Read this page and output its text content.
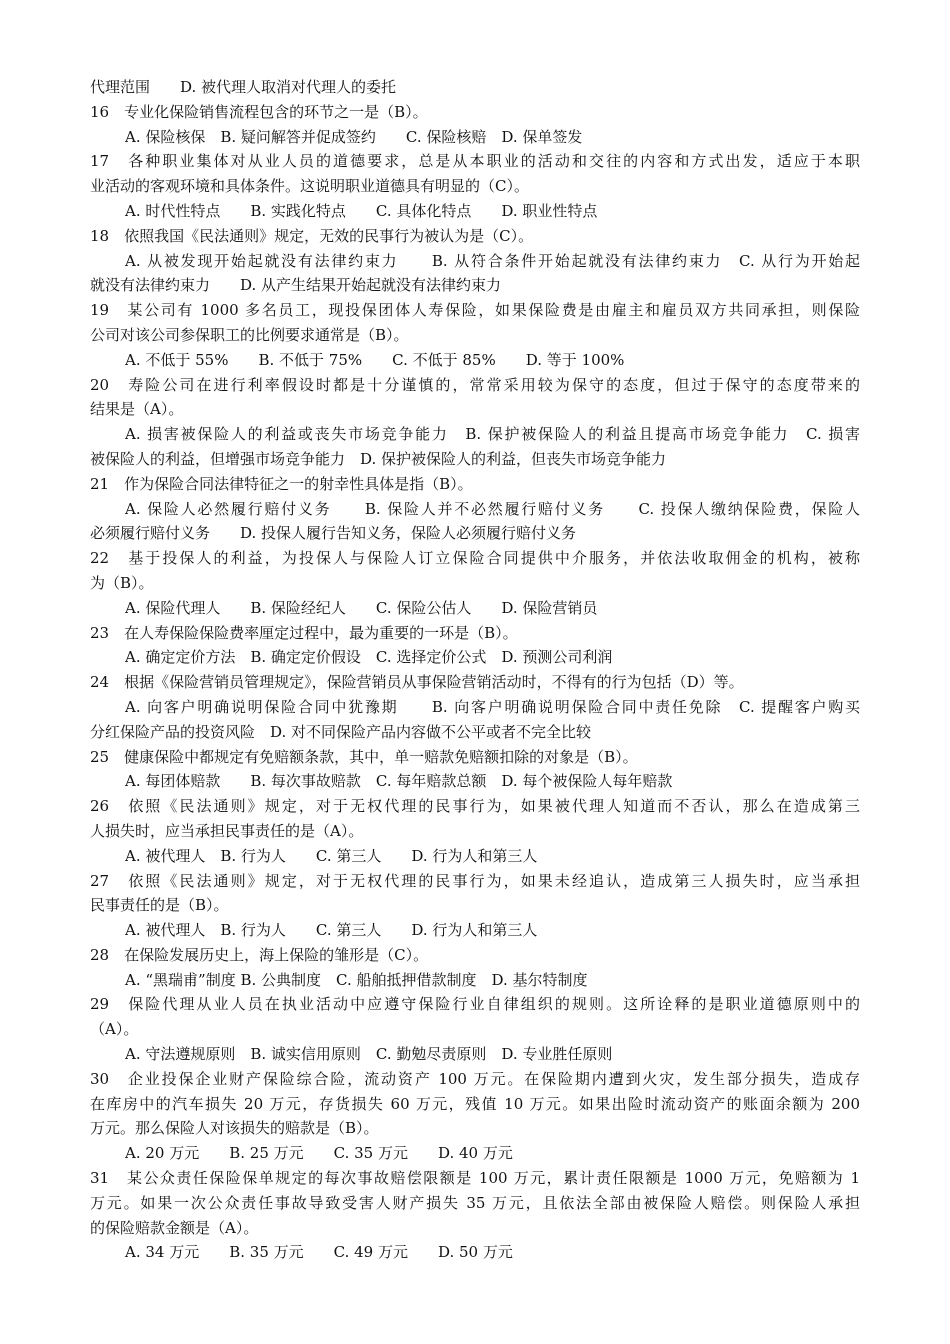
代理范围　　D. 被代理人取消对代理人的委托
16　专业化保险销售流程包含的环节之一是（B）。
A. 保险核保　B. 疑问解答并促成签约　　C. 保险核赔　D. 保单签发
17　各种职业集体对从业人员的道德要求，总是从本职业的活动和交往的内容和方式出发，适应于本职
业活动的客观环境和具体条件。这说明职业道德具有明显的（C）。
A. 时代性特点　　B. 实践化特点　　C. 具体化特点　　D. 职业性特点
18　依照我国《民法通则》规定，无效的民事行为被认为是（C）。
A. 从被发现开始起就没有法律约束力　　B. 从符合条件开始起就没有法律约束力　C. 从行为开始起
就没有法律约束力　　D. 从产生结果开始起就没有法律约束力
19　某公司有 1000 多名员工，现投保团体人寿保险，如果保险费是由雇主和雇员双方共同承担，则保险
公司对该公司参保职工的比例要求通常是（B）。
A. 不低于 55%　　B. 不低于 75%　　C. 不低于 85%　　D. 等于 100%
20　寿险公司在进行利率假设时都是十分谨慎的，常常采用较为保守的态度，但过于保守的态度带来的
结果是（A）。
A. 损害被保险人的利益或丧失市场竞争能力　B. 保护被保险人的利益且提高市场竞争能力　C. 损害
被保险人的利益，但增强市场竞争能力　D. 保护被保险人的利益，但丧失市场竞争能力
21　作为保险合同法律特征之一的射幸性具体是指（B）。
A. 保险人必然履行赔付义务　　B. 保险人并不必然履行赔付义务　　C. 投保人缴纳保险费，保险人
必须履行赔付义务　　D. 投保人履行告知义务，保险人必须履行赔付义务
22　基于投保人的利益，为投保人与保险人订立保险合同提供中介服务，并依法收取佣金的机构，被称
为（B）。
A. 保险代理人　　B. 保险经纪人　　C. 保险公估人　　D. 保险营销员
23　在人寿保险保险费率厘定过程中，最为重要的一环是（B）。
A. 确定定价方法　B. 确定定价假设　C. 选择定价公式　D. 预测公司利润
24　根据《保险营销员管理规定》，保险营销员从事保险营销活动时，不得有的行为包括（D）等。
A. 向客户明确说明保险合同中犹豫期　　B. 向客户明确说明保险合同中责任免除　C. 提醒客户购买
分红保险产品的投资风险　D. 对不同保险产品内容做不公平或者不完全比较
25　健康保险中都规定有免赔额条款，其中，单一赔款免赔额扣除的对象是（B）。
A. 每团体赔款　　B. 每次事故赔款　C. 每年赔款总额　D. 每个被保险人每年赔款
26　依照《民法通则》规定，对于无权代理的民事行为，如果被代理人知道而不否认，那么在造成第三
人损失时，应当承担民事责任的是（A）。
A. 被代理人　B. 行为人　　C. 第三人　　D. 行为人和第三人
27　依照《民法通则》规定，对于无权代理的民事行为，如果未经追认，造成第三人损失时，应当承担
民事责任的是（B）。
A. 被代理人　B. 行为人　　C. 第三人　　D. 行为人和第三人
28　在保险发展历史上，海上保险的雏形是（C）。
A. “黑瑞甫”制度 B. 公典制度　C. 船舶抵押借款制度　D. 基尔特制度
29　保险代理从业人员在执业活动中应遵守保险行业自律组织的规则。这所诠释的是职业道德原则中的
（A）。
A. 守法遵规原则　B. 诚实信用原则　C. 勤勉尽责原则　D. 专业胜任原则
30　企业投保企业财产保险综合险，流动资产 100 万元。在保险期内遭到火灾，发生部分损失，造成存
在库房中的汽车损失 20 万元，存货损失 60 万元，残值 10 万元。如果出险时流动资产的账面余额为 200
万元。那么保险人对该损失的赔款是（B）。
A. 20 万元　　B. 25 万元　　C. 35 万元　　D. 40 万元
31　某公众责任保险保单规定的每次事故赔偿限额是 100 万元，累计责任限额是 1000 万元，免赔额为 1
万元。如果一次公众责任事故导致受害人财产损失 35 万元，且依法全部由被保险人赔偿。则保险人承担
的保险赔款金额是（A）。
A. 34 万元　　B. 35 万元　　C. 49 万元　　D. 50 万元
